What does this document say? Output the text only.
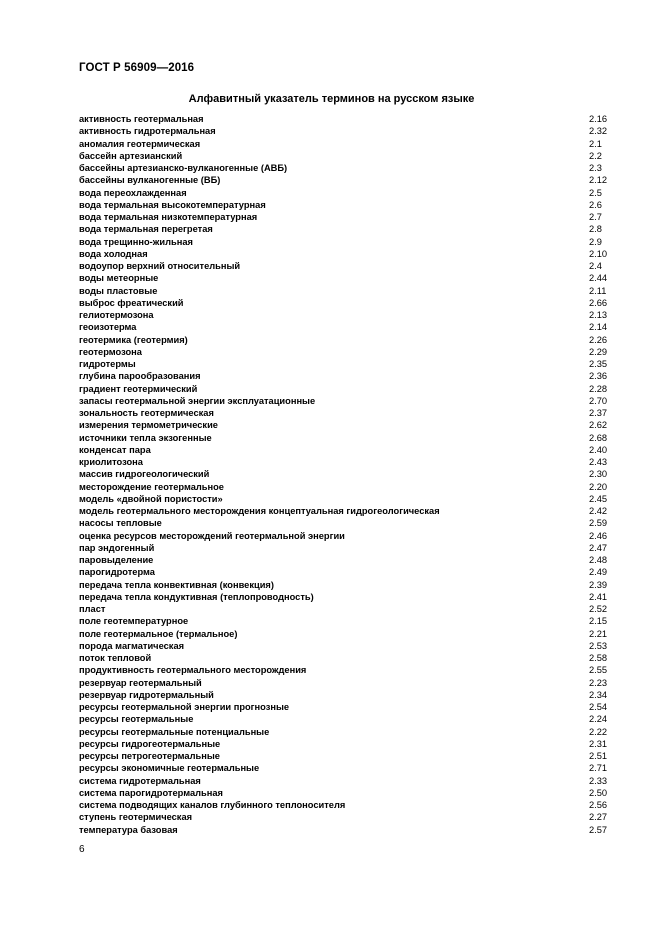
ГОСТ Р 56909—2016
Алфавитный указатель терминов на русском языке
активность геотермальная	2.16
активность гидротермальная	2.32
аномалия геотермическая	2.1
бассейн артезианский	2.2
бассейны артезианско-вулканогенные (АВБ)	2.3
бассейны вулканогенные (ВБ)	2.12
вода переохлажденная	2.5
вода термальная высокотемпературная	2.6
вода термальная низкотемпературная	2.7
вода термальная перегретая	2.8
вода трещинно-жильная	2.9
вода холодная	2.10
водоупор верхний относительный	2.4
воды метеорные	2.44
воды пластовые	2.11
выброс фреатический	2.66
гелиотермозона	2.13
геоизотерма	2.14
геотермика (геотермия)	2.26
геотермозона	2.29
гидротермы	2.35
глубина парообразования	2.36
градиент геотермический	2.28
запасы геотермальной энергии эксплуатационные	2.70
зональность геотермическая	2.37
измерения термометрические	2.62
источники тепла экзогенные	2.68
конденсат пара	2.40
криолитозона	2.43
массив гидрогеологический	2.30
месторождение геотермальное	2.20
модель «двойной пористости»	2.45
модель геотермального месторождения концептуальная гидрогеологическая	2.42
насосы тепловые	2.59
оценка ресурсов месторождений геотермальной энергии	2.46
пар эндогенный	2.47
паровыделение	2.48
парогидротерма	2.49
передача тепла конвективная (конвекция)	2.39
передача тепла кондуктивная (теплопроводность)	2.41
пласт	2.52
поле геотемпературное	2.15
поле геотермальное (термальное)	2.21
порода магматическая	2.53
поток тепловой	2.58
продуктивность геотермального месторождения	2.55
резервуар геотермальный	2.23
резервуар гидротермальный	2.34
ресурсы геотермальной энергии прогнозные	2.54
ресурсы геотермальные	2.24
ресурсы геотермальные потенциальные	2.22
ресурсы гидрогеотермальные	2.31
ресурсы петрогеотермальные	2.51
ресурсы экономичные геотермальные	2.71
система гидротермальная	2.33
система парогидротермальная	2.50
система подводящих каналов глубинного теплоносителя	2.56
ступень геотермическая	2.27
температура базовая	2.57
6
